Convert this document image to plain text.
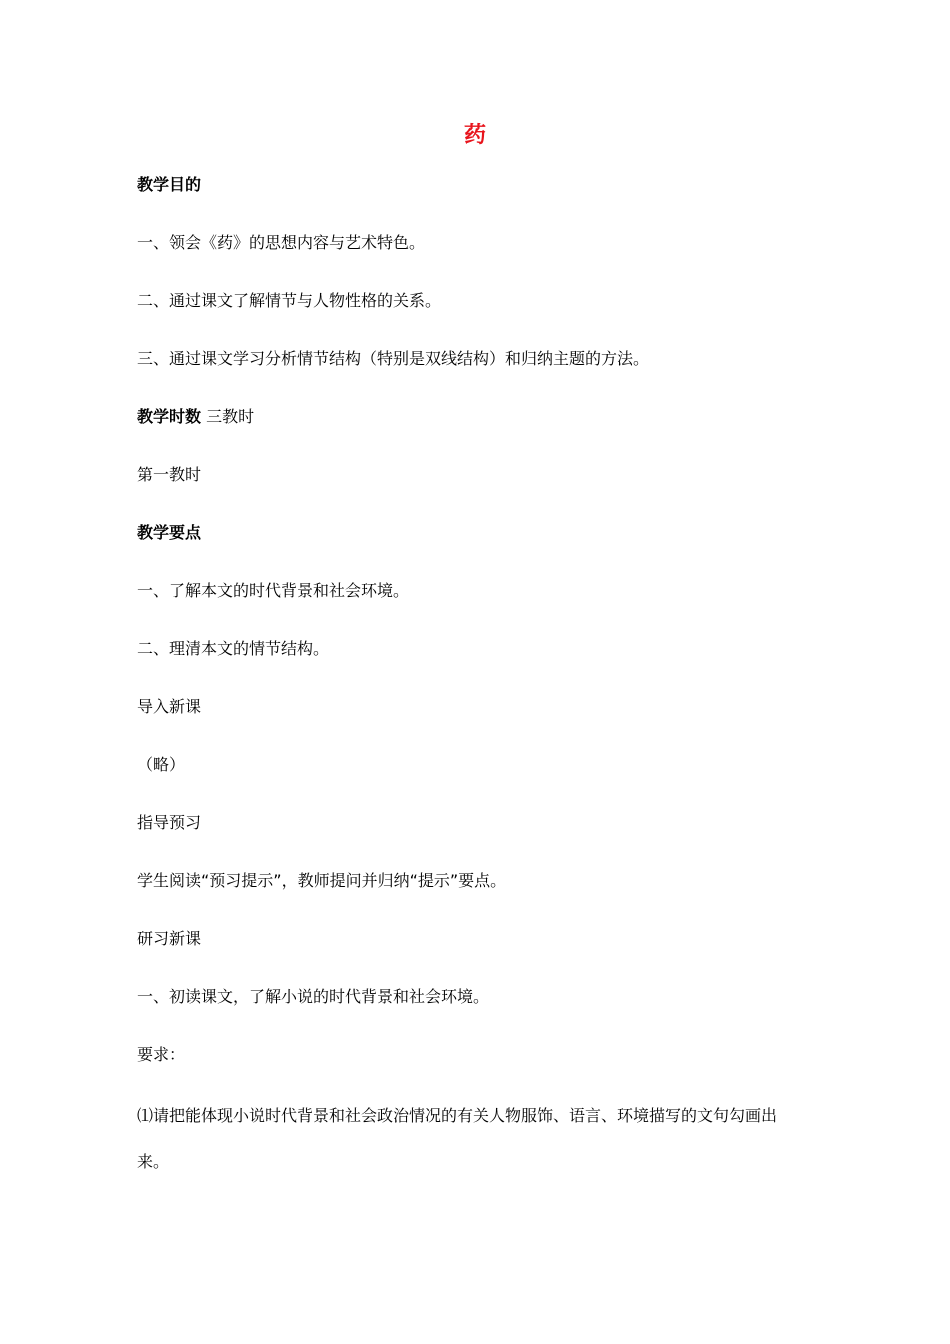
药
教学目的
一、领会《药》的思想内容与艺术特色。
二、通过课文了解情节与人物性格的关系。
三、通过课文学习分析情节结构（特别是双线结构）和归纳主题的方法。
教学时数 三教时
第一教时
教学要点
一、了解本文的时代背景和社会环境。
二、理清本文的情节结构。
导入新课
（略）
指导预习
学生阅读“预习提示”，教师提问并归纳“提示”要点。
研习新课
一、初读课文，了解小说的时代背景和社会环境。
要求：
⑴请把能体现小说时代背景和社会政治情况的有关人物服饰、语言、环境描写的文句勾画出来。
